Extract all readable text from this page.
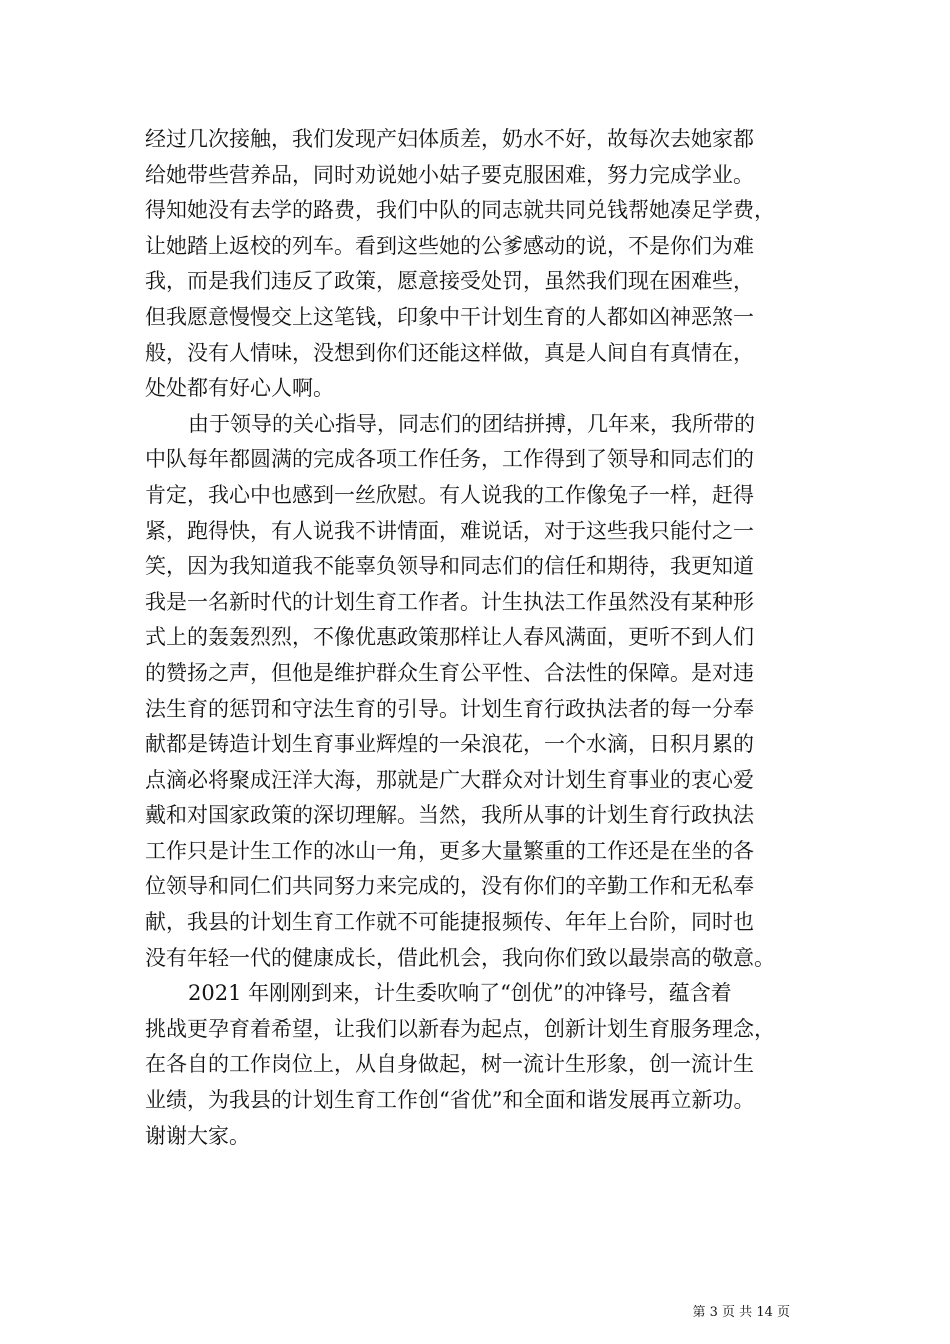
经过几次接触，我们发现产妇体质差，奶水不好，故每次去她家都
给她带些营养品，同时劝说她小姑子要克服困难，努力完成学业。
得知她没有去学的路费，我们中队的同志就共同兑钱帮她凑足学费，
让她踏上返校的列车。看到这些她的公爹感动的说，不是你们为难
我，而是我们违反了政策，愿意接受处罚，虽然我们现在困难些，
但我愿意慢慢交上这笔钱，印象中干计划生育的人都如凶神恶煞一
般，没有人情味，没想到你们还能这样做，真是人间自有真情在，
处处都有好心人啊。
由于领导的关心指导，同志们的团结拼搏，几年来，我所带的
中队每年都圆满的完成各项工作任务，工作得到了领导和同志们的
肯定，我心中也感到一丝欣慰。有人说我的工作像兔子一样，赶得
紧，跑得快，有人说我不讲情面，难说话，对于这些我只能付之一
笑，因为我知道我不能辜负领导和同志们的信任和期待，我更知道
我是一名新时代的计划生育工作者。计生执法工作虽然没有某种形
式上的轰轰烈烈，不像优惠政策那样让人春风满面，更听不到人们
的赞扬之声，但他是维护群众生育公平性、合法性的保障。是对违
法生育的惩罚和守法生育的引导。计划生育行政执法者的每一分奉
献都是铸造计划生育事业辉煌的一朵浪花，一个水滴，日积月累的
点滴必将聚成汪洋大海，那就是广大群众对计划生育事业的衷心爱
戴和对国家政策的深切理解。当然，我所从事的计划生育行政执法
工作只是计生工作的冰山一角，更多大量繁重的工作还是在坐的各
位领导和同仁们共同努力来完成的，没有你们的辛勤工作和无私奉
献，我县的计划生育工作就不可能捷报频传、年年上台阶，同时也
没有年轻一代的健康成长，借此机会，我向你们致以最崇高的敬意。
2021 年刚刚到来，计生委吹响了“创优”的冲锋号，蕴含着
挑战更孕育着希望，让我们以新春为起点，创新计划生育服务理念，
在各自的工作岗位上，从自身做起，树一流计生形象，创一流计生
业绩，为我县的计划生育工作创“省优”和全面和谐发展再立新功。
谢谢大家。
第 3 页 共 14 页
